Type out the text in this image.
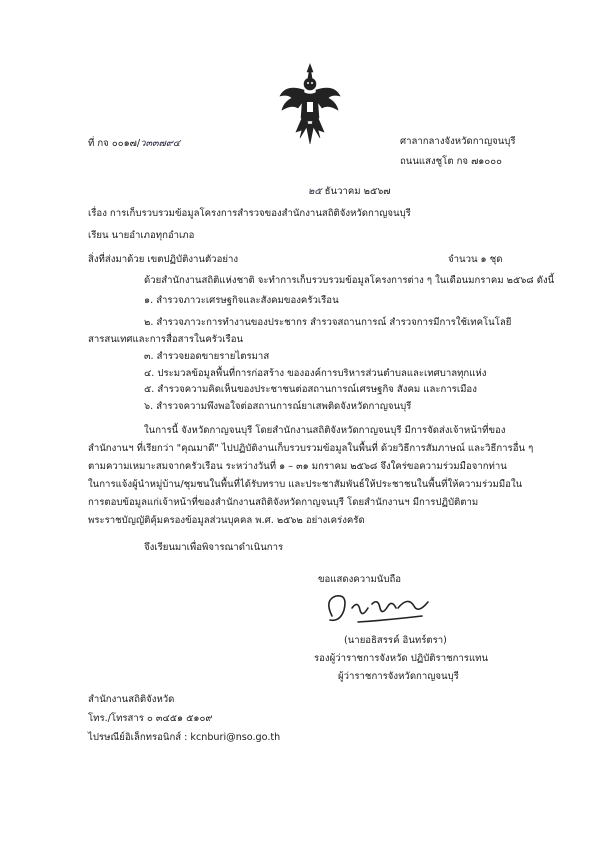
ที่ กจ ๐๐๑๗/ว๓๓๗๙๔	ศาลากลางจังหวัดกาญจนบุรี
ถนนแสงชูโต กจ ๗๑๐๐๐
๒๕ ธันวาคม ๒๕๖๗
เรื่อง การเก็บรวบรวมข้อมูลโครงการสำรวจของสำนักงานสถิติจังหวัดกาญจนบุรี
เรียน นายอำเภอทุกอำเภอ
สิ่งที่ส่งมาด้วย เขตปฏิบัติงานตัวอย่าง	จำนวน ๑ ชุด
ด้วยสำนักงานสถิติแห่งชาติ จะทำการเก็บรวบรวมข้อมูลโครงการต่าง ๆ ในเดือนมกราคม ๒๕๖๘ ดังนี้
๑. สำรวจภาวะเศรษฐกิจและสังคมของครัวเรือน
๒. สำรวจภาวะการทำงานของประชากร สำรวจสถานการณ์ สำรวจการมีการใช้เทคโนโลยี
สารสนเทศและการสื่อสารในครัวเรือน
๓. สำรวจยอดขายรายไตรมาส
๔. ประมวลข้อมูลพื้นที่การก่อสร้าง ขององค์การบริหารส่วนตำบลและเทศบาลทุกแห่ง
๕. สำรวจความคิดเห็นของประชาชนต่อสถานการณ์เศรษฐกิจ สังคม และการเมือง
๖. สำรวจความพึงพอใจต่อสถานการณ์ยาเสพติดจังหวัดกาญจนบุรี
ในการนี้ จังหวัดกาญจนบุรี โดยสำนักงานสถิติจังหวัดกาญจนบุรี มีการจัดส่งเจ้าหน้าที่ของ
สำนักงานฯ ที่เรียกว่า "คุณมาดี" ไปปฏิบัติงานเก็บรวบรวมข้อมูลในพื้นที่ ด้วยวิธีการสัมภาษณ์ และวิธีการอื่น ๆ
ตามความเหมาะสมจากครัวเรือน ระหว่างวันที่ ๑ – ๓๑ มกราคม ๒๕๖๘ จึงใคร่ขอความร่วมมือจากท่าน
ในการแจ้งผู้นำหมู่บ้าน/ชุมชนในพื้นที่ได้รับทราบ และประชาสัมพันธ์ให้ประชาชนในพื้นที่ให้ความร่วมมือใน
การตอบข้อมูลแก่เจ้าหน้าที่ของสำนักงานสถิติจังหวัดกาญจนบุรี โดยสำนักงานฯ มีการปฏิบัติตาม
พระราชบัญญัติคุ้มครองข้อมูลส่วนบุคคล พ.ศ. ๒๕๖๒ อย่างเคร่งครัด
จึงเรียนมาเพื่อพิจารณาดำเนินการ
ขอแสดงความนับถือ
(นายอธิสรรค์ อินทร์ตรา)
รองผู้ว่าราชการจังหวัด ปฏิบัติราชการแทน
ผู้ว่าราชการจังหวัดกาญจนบุรี
สำนักงานสถิติจังหวัด
โทร./โทรสาร ๐ ๓๔๕๑ ๕๑๐๙
ไปรษณีย์อิเล็กทรอนิกส์ : kcnburi@nso.go.th
